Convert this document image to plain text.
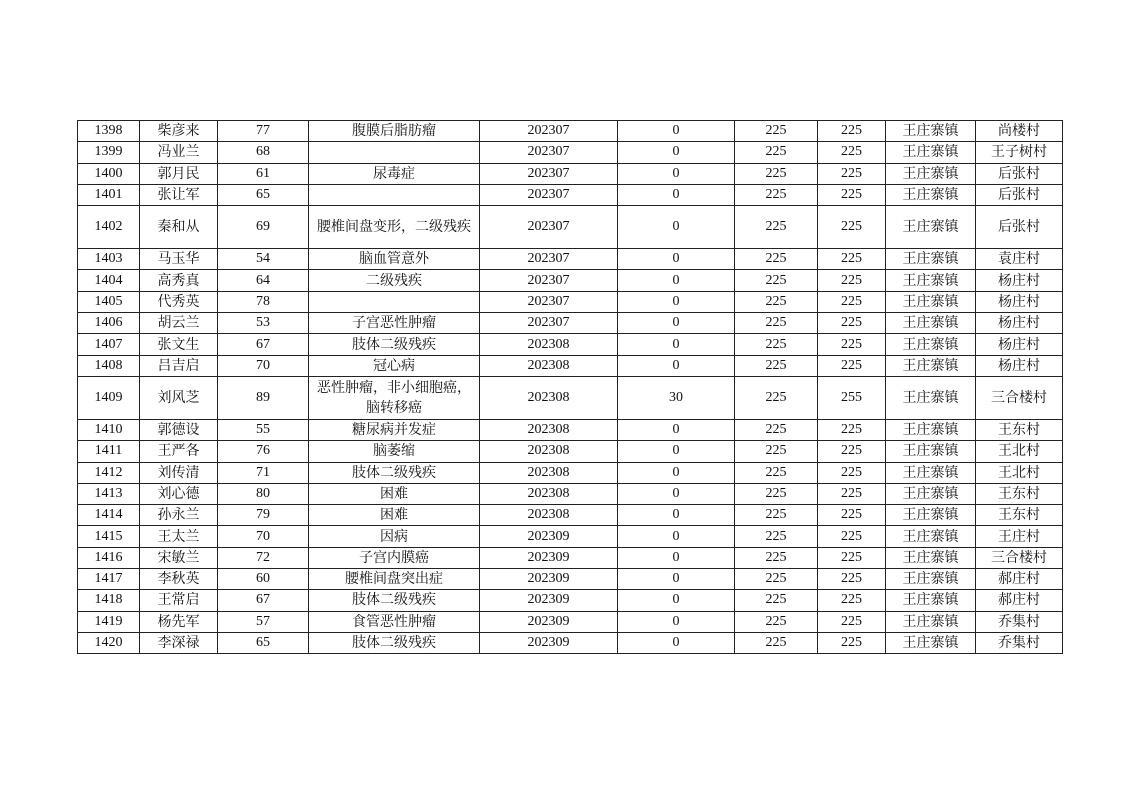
1398	柴彦来	77	腹膜后脂肪瘤	202307	0	225	225	王庄寨镇	尚楼村
1399	冯业兰	68		202307	0	225	225	王庄寨镇	王子树村
1400	郭月民	61	尿毒症	202307	0	225	225	王庄寨镇	后张村
1401	张让军	65		202307	0	225	225	王庄寨镇	后张村
1402	秦和从	69	腰椎间盘变形，二级残疾	202307	0	225	225	王庄寨镇	后张村
1403	马玉华	54	脑血管意外	202307	0	225	225	王庄寨镇	袁庄村
1404	高秀真	64	二级残疾	202307	0	225	225	王庄寨镇	杨庄村
1405	代秀英	78		202307	0	225	225	王庄寨镇	杨庄村
1406	胡云兰	53	子宫恶性肿瘤	202307	0	225	225	王庄寨镇	杨庄村
1407	张文生	67	肢体二级残疾	202308	0	225	225	王庄寨镇	杨庄村
1408	吕吉启	70	冠心病	202308	0	225	225	王庄寨镇	杨庄村
1409	刘风芝	89	恶性肿瘤，非小细胞癌，脑转移癌	202308	30	225	255	王庄寨镇	三合楼村
1410	郭德设	55	糖尿病并发症	202308	0	225	225	王庄寨镇	王东村
1411	王严各	76	脑萎缩	202308	0	225	225	王庄寨镇	王北村
1412	刘传清	71	肢体二级残疾	202308	0	225	225	王庄寨镇	王北村
1413	刘心德	80	困难	202308	0	225	225	王庄寨镇	王东村
1414	孙永兰	79	困难	202308	0	225	225	王庄寨镇	王东村
1415	王太兰	70	因病	202309	0	225	225	王庄寨镇	王庄村
1416	宋敏兰	72	子宫内膜癌	202309	0	225	225	王庄寨镇	三合楼村
1417	李秋英	60	腰椎间盘突出症	202309	0	225	225	王庄寨镇	郝庄村
1418	王常启	67	肢体二级残疾	202309	0	225	225	王庄寨镇	郝庄村
1419	杨先军	57	食管恶性肿瘤	202309	0	225	225	王庄寨镇	乔集村
1420	李深禄	65	肢体二级残疾	202309	0	225	225	王庄寨镇	乔集村
